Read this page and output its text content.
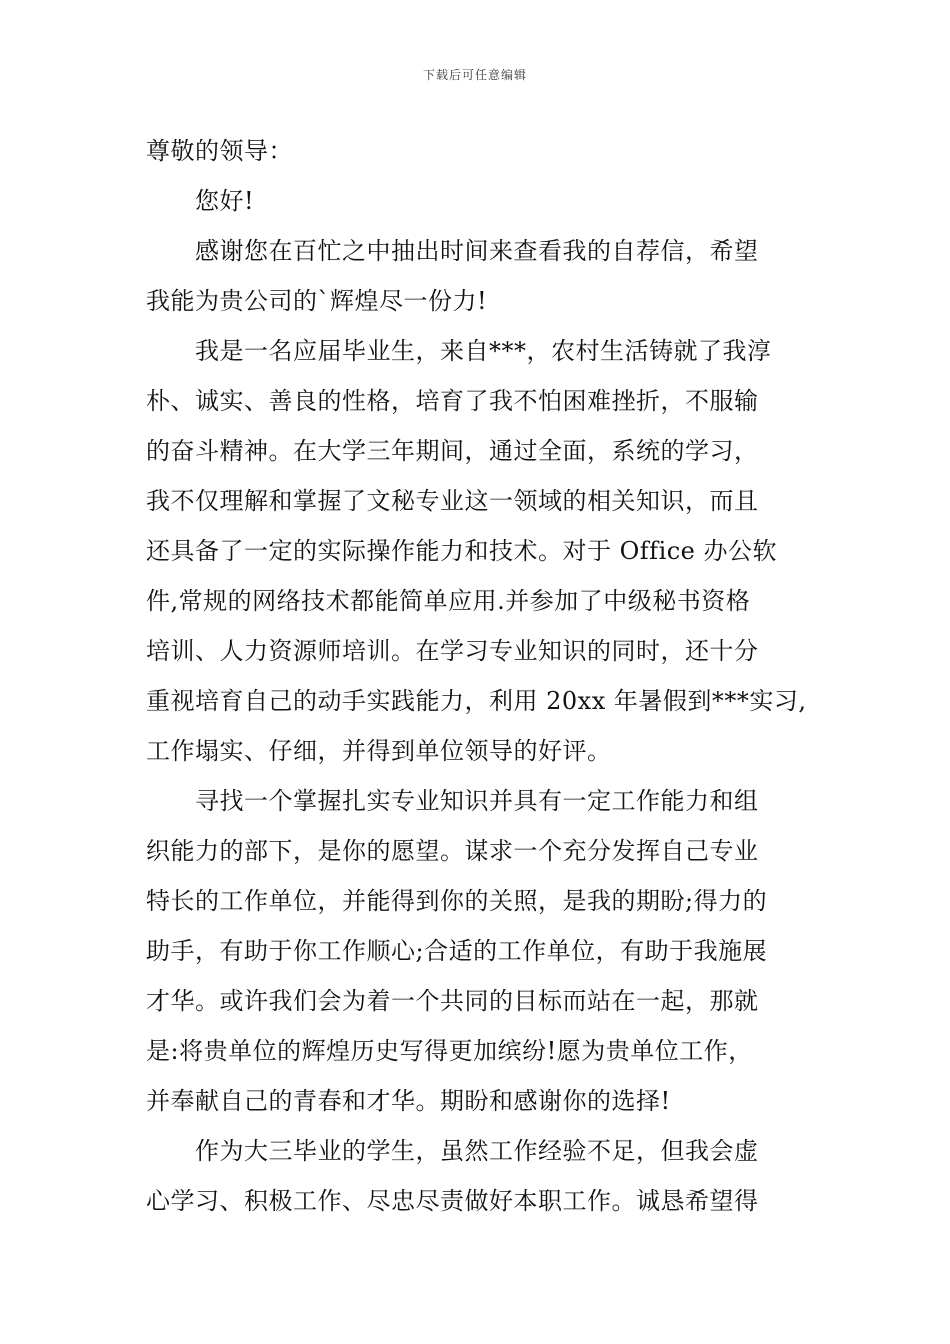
下载后可任意编辑
尊敬的领导：
您好!
感谢您在百忙之中抽出时间来查看我的自荐信，希望
我能为贵公司的`辉煌尽一份力!
我是一名应届毕业生，来自***，农村生活铸就了我淳
朴、诚实、善良的性格，培育了我不怕困难挫折，不服输
的奋斗精神。在大学三年期间，通过全面，系统的学习，
我不仅理解和掌握了文秘专业这一领域的相关知识，而且
还具备了一定的实际操作能力和技术。对于 Office 办公软
件,常规的网络技术都能简单应用.并参加了中级秘书资格
培训、人力资源师培训。在学习专业知识的同时，还十分
重视培育自己的动手实践能力，利用 20xx 年暑假到***实习,
工作塌实、仔细，并得到单位领导的好评。
寻找一个掌握扎实专业知识并具有一定工作能力和组
织能力的部下，是你的愿望。谋求一个充分发挥自己专业
特长的工作单位，并能得到你的关照，是我的期盼;得力的
助手，有助于你工作顺心;合适的工作单位，有助于我施展
才华。或许我们会为着一个共同的目标而站在一起，那就
是:将贵单位的辉煌历史写得更加缤纷!愿为贵单位工作，
并奉献自己的青春和才华。期盼和感谢你的选择!
作为大三毕业的学生，虽然工作经验不足，但我会虚
心学习、积极工作、尽忠尽责做好本职工作。诚恳希望得
